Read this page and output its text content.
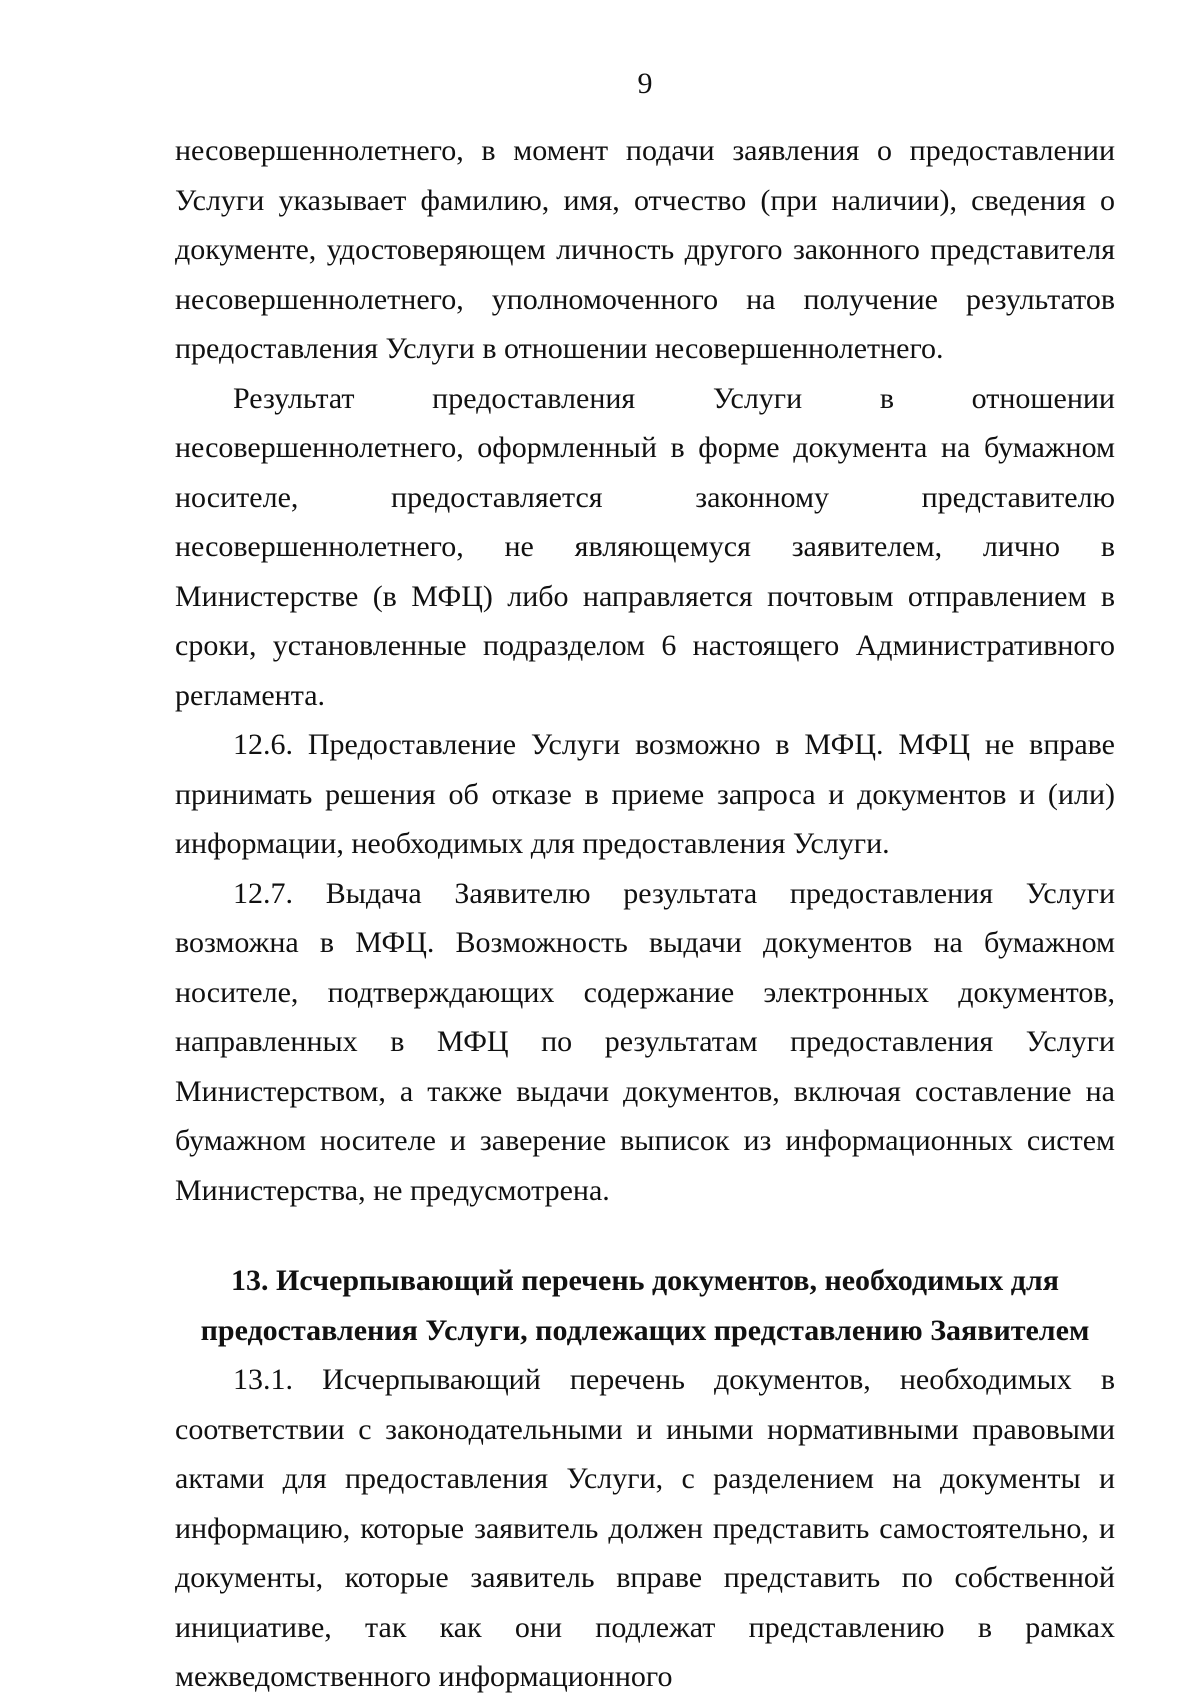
9

несовершеннолетнего, в момент подачи заявления о предоставлении Услуги указывает фамилию, имя, отчество (при наличии), сведения о документе, удостоверяющем личность другого законного представителя несовершеннолетнего, уполномоченного на получение результатов предоставления Услуги в отношении несовершеннолетнего.

Результат предоставления Услуги в отношении несовершеннолетнего, оформленный в форме документа на бумажном носителе, предоставляется законному представителю несовершеннолетнего, не являющемуся заявителем, лично в Министерстве (в МФЦ) либо направляется почтовым отправлением в сроки, установленные подразделом 6 настоящего Административного регламента.

12.6. Предоставление Услуги возможно в МФЦ. МФЦ не вправе принимать решения об отказе в приеме запроса и документов и (или) информации, необходимых для предоставления Услуги.

12.7. Выдача Заявителю результата предоставления Услуги возможна в МФЦ. Возможность выдачи документов на бумажном носителе, подтверждающих содержание электронных документов, направленных в МФЦ по результатам предоставления Услуги Министерством, а также выдачи документов, включая составление на бумажном носителе и заверение выписок из информационных систем Министерства, не предусмотрена.

13. Исчерпывающий перечень документов, необходимых для
предоставления Услуги, подлежащих представлению Заявителем

13.1. Исчерпывающий перечень документов, необходимых в соответствии с законодательными и иными нормативными правовыми актами для предоставления Услуги, с разделением на документы и информацию, которые заявитель должен представить самостоятельно, и документы, которые заявитель вправе представить по собственной инициативе, так как они подлежат представлению в рамках межведомственного информационного
